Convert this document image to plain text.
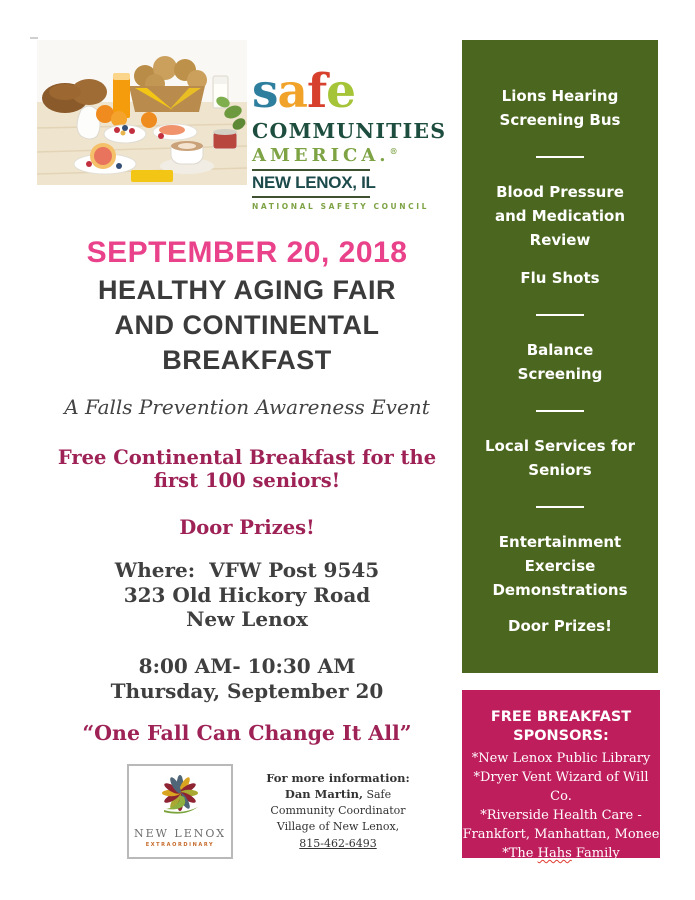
safe
COMMUNITIES
AMERICA.®
NEW LENOX, IL
NATIONAL SAFETY COUNCIL
Lions Hearing
Screening Bus
Blood Pressure
and Medication
Review
Flu Shots
Balance
Screening
Local Services for
Seniors
Entertainment
Exercise
Demonstrations
Door Prizes!
FREE BREAKFAST
SPONSORS:
*New Lenox Public Library
*Dryer Vent Wizard of Will Co.
*Riverside Health Care -
Frankfort, Manhattan, Monee
*The Hahs Family
SEPTEMBER 20, 2018
HEALTHY AGING FAIR
AND CONTINENTAL
BREAKFAST
A Falls Prevention Awareness Event
Free Continental Breakfast for the
first 100 seniors!
Door Prizes!
Where:  VFW Post 9545
323 Old Hickory Road
New Lenox
8:00 AM- 10:30 AM
Thursday, September 20
“One Fall Can Change It All”
NEW LENOX
EXTRAORDINARY
For more information:
Dan Martin, Safe
Community Coordinator
Village of New Lenox,
815-462-6493
